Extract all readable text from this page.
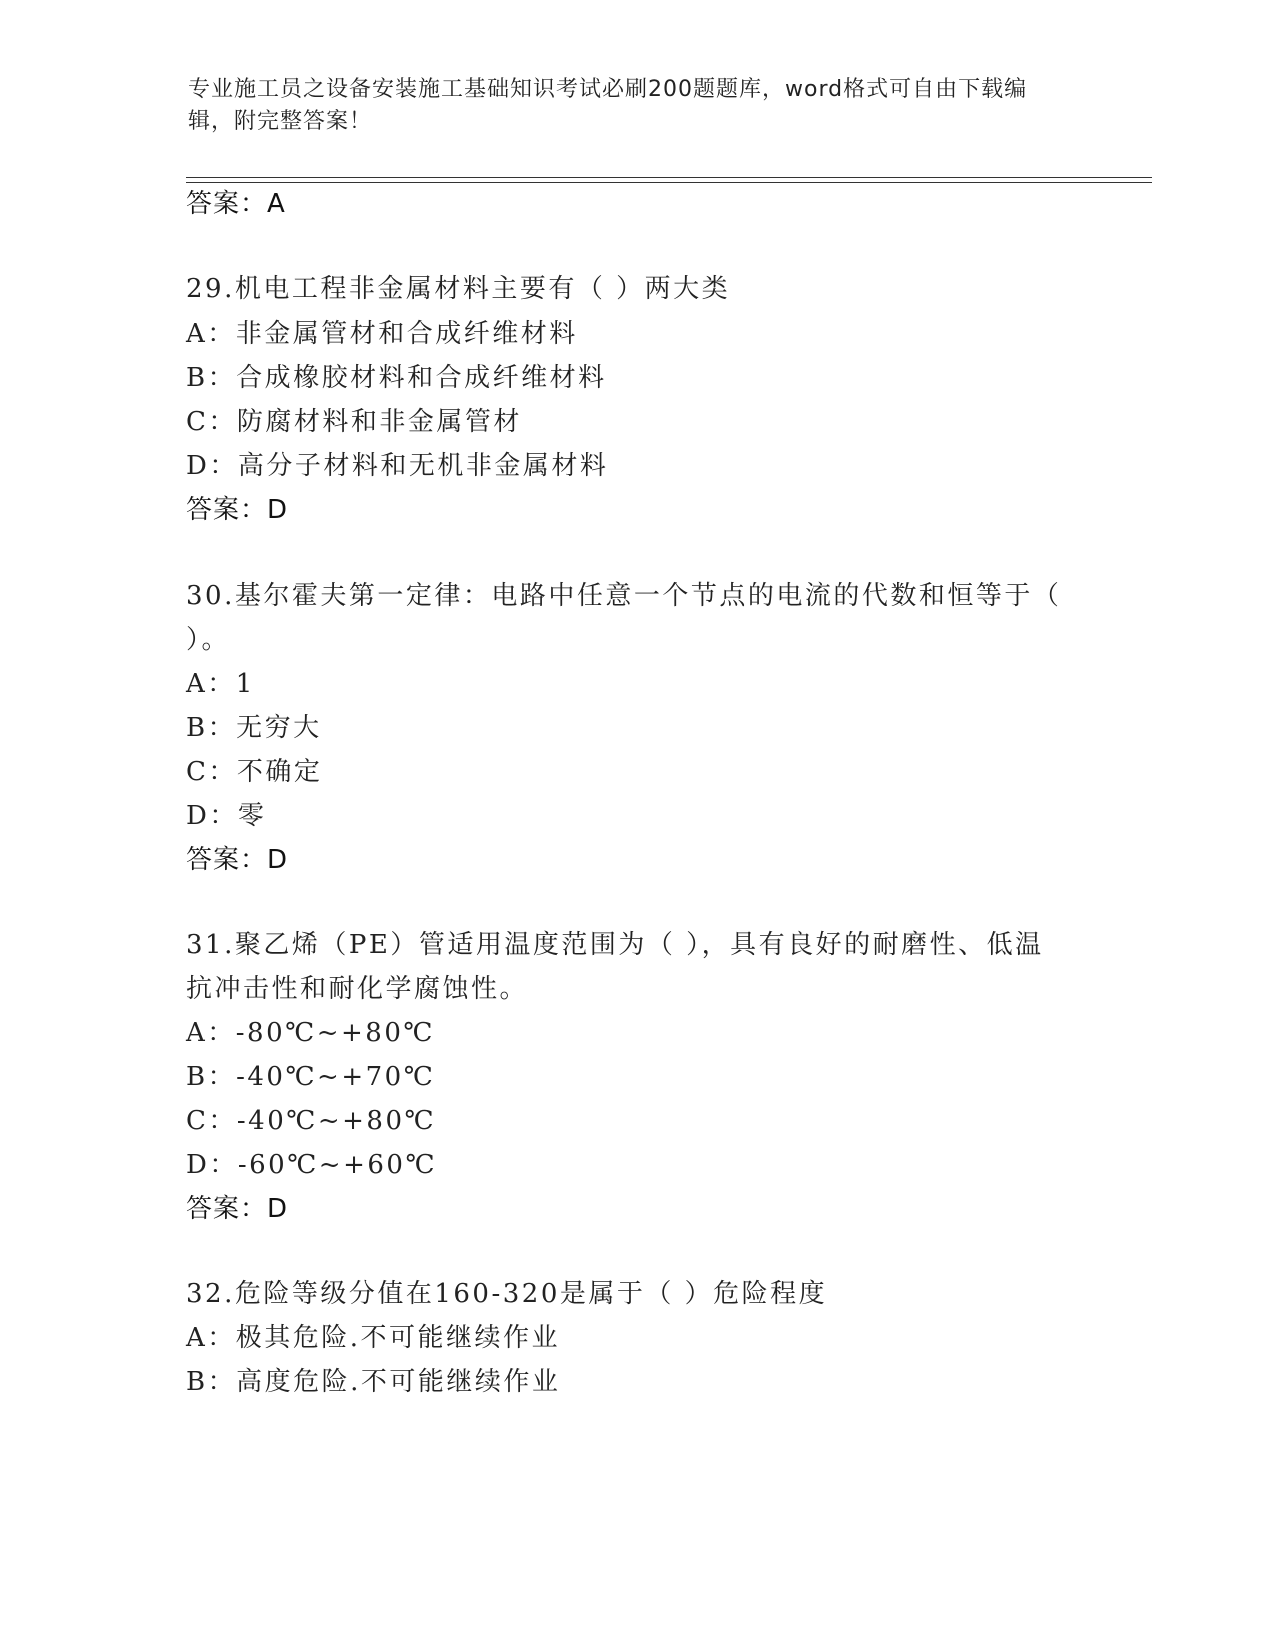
专业施工员之设备安装施工基础知识考试必刷200题题库，word格式可自由下载编辑，附完整答案！
答案：A
29.机电工程非金属材料主要有（ ）两大类
A：非金属管材和合成纤维材料
B：合成橡胶材料和合成纤维材料
C：防腐材料和非金属管材
D：高分子材料和无机非金属材料
答案：D
30.基尔霍夫第一定律：电路中任意一个节点的电流的代数和恒等于（
）。
A：1
B：无穷大
C：不确定
D：零
答案：D
31.聚乙烯（PE）管适用温度范围为（ ），具有良好的耐磨性、低温
抗冲击性和耐化学腐蚀性。
A：-80℃~+80℃
B：-40℃~+70℃
C：-40℃~+80℃
D：-60℃~+60℃
答案：D
32.危险等级分值在160-320是属于（ ）危险程度
A：极其危险.不可能继续作业
B：高度危险.不可能继续作业
